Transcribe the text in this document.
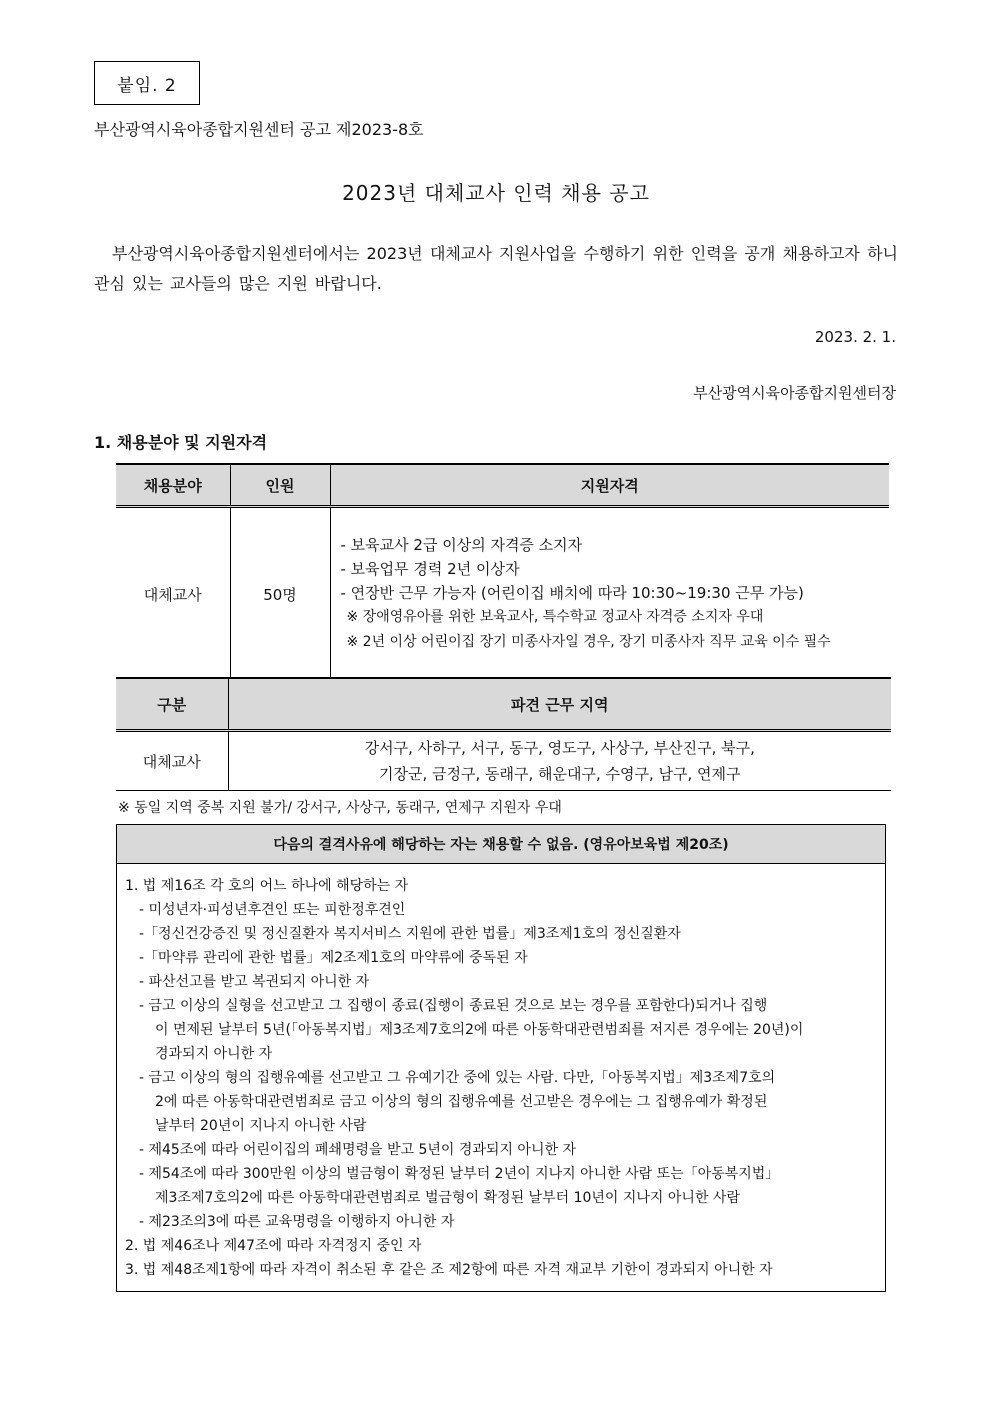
붙임. 2
부산광역시육아종합지원센터 공고 제2023-8호
2023년 대체교사 인력 채용 공고
부산광역시육아종합지원센터에서는 2023년 대체교사 지원사업을 수행하기 위한 인력을 공개 채용하고자 하니 관심 있는 교사들의 많은 지원 바랍니다.
2023. 2. 1.
부산광역시육아종합지원센터장
1. 채용분야 및 지원자격
채용분야	인원	지원자격
대체교사	50명	- 보육교사 2급 이상의 자격증 소지자
- 보육업무 경력 2년 이상자
- 연장반 근무 가능자 (어린이집 배치에 따라 10:30~19:30 근무 가능)
※ 장애영유아를 위한 보육교사, 특수학교 정교사 자격증 소지자 우대
※ 2년 이상 어린이집 장기 미종사자일 경우, 장기 미종사자 직무 교육 이수 필수
구분	파견 근무 지역
대체교사	강서구, 사하구, 서구, 동구, 영도구, 사상구, 부산진구, 북구,
기장군, 금정구, 동래구, 해운대구, 수영구, 남구, 연제구
※ 동일 지역 중복 지원 불가/ 강서구, 사상구, 동래구, 연제구 지원자 우대
다음의 결격사유에 해당하는 자는 채용할 수 없음. (영유아보육법 제20조)
1. 법 제16조 각 호의 어느 하나에 해당하는 자
- 미성년자·피성년후견인 또는 피한정후견인
-「정신건강증진 및 정신질환자 복지서비스 지원에 관한 법률」제3조제1호의 정신질환자
-「마약류 관리에 관한 법률」제2조제1호의 마약류에 중독된 자
- 파산선고를 받고 복권되지 아니한 자
- 금고 이상의 실형을 선고받고 그 집행이 종료(집행이 종료된 것으로 보는 경우를 포함한다)되거나 집행
이 면제된 날부터 5년(「아동복지법」제3조제7호의2에 따른 아동학대관련범죄를 저지른 경우에는 20년)이
경과되지 아니한 자
- 금고 이상의 형의 집행유예를 선고받고 그 유예기간 중에 있는 사람. 다만,「아동복지법」제3조제7호의
2에 따른 아동학대관련범죄로 금고 이상의 형의 집행유예를 선고받은 경우에는 그 집행유예가 확정된
날부터 20년이 지나지 아니한 사람
- 제45조에 따라 어린이집의 폐쇄명령을 받고 5년이 경과되지 아니한 자
- 제54조에 따라 300만원 이상의 벌금형이 확정된 날부터 2년이 지나지 아니한 사람 또는「아동복지법」
제3조제7호의2에 따른 아동학대관련범죄로 벌금형이 확정된 날부터 10년이 지나지 아니한 사람
- 제23조의3에 따른 교육명령을 이행하지 아니한 자
2. 법 제46조나 제47조에 따라 자격정지 중인 자
3. 법 제48조제1항에 따라 자격이 취소된 후 같은 조 제2항에 따른 자격 재교부 기한이 경과되지 아니한 자
